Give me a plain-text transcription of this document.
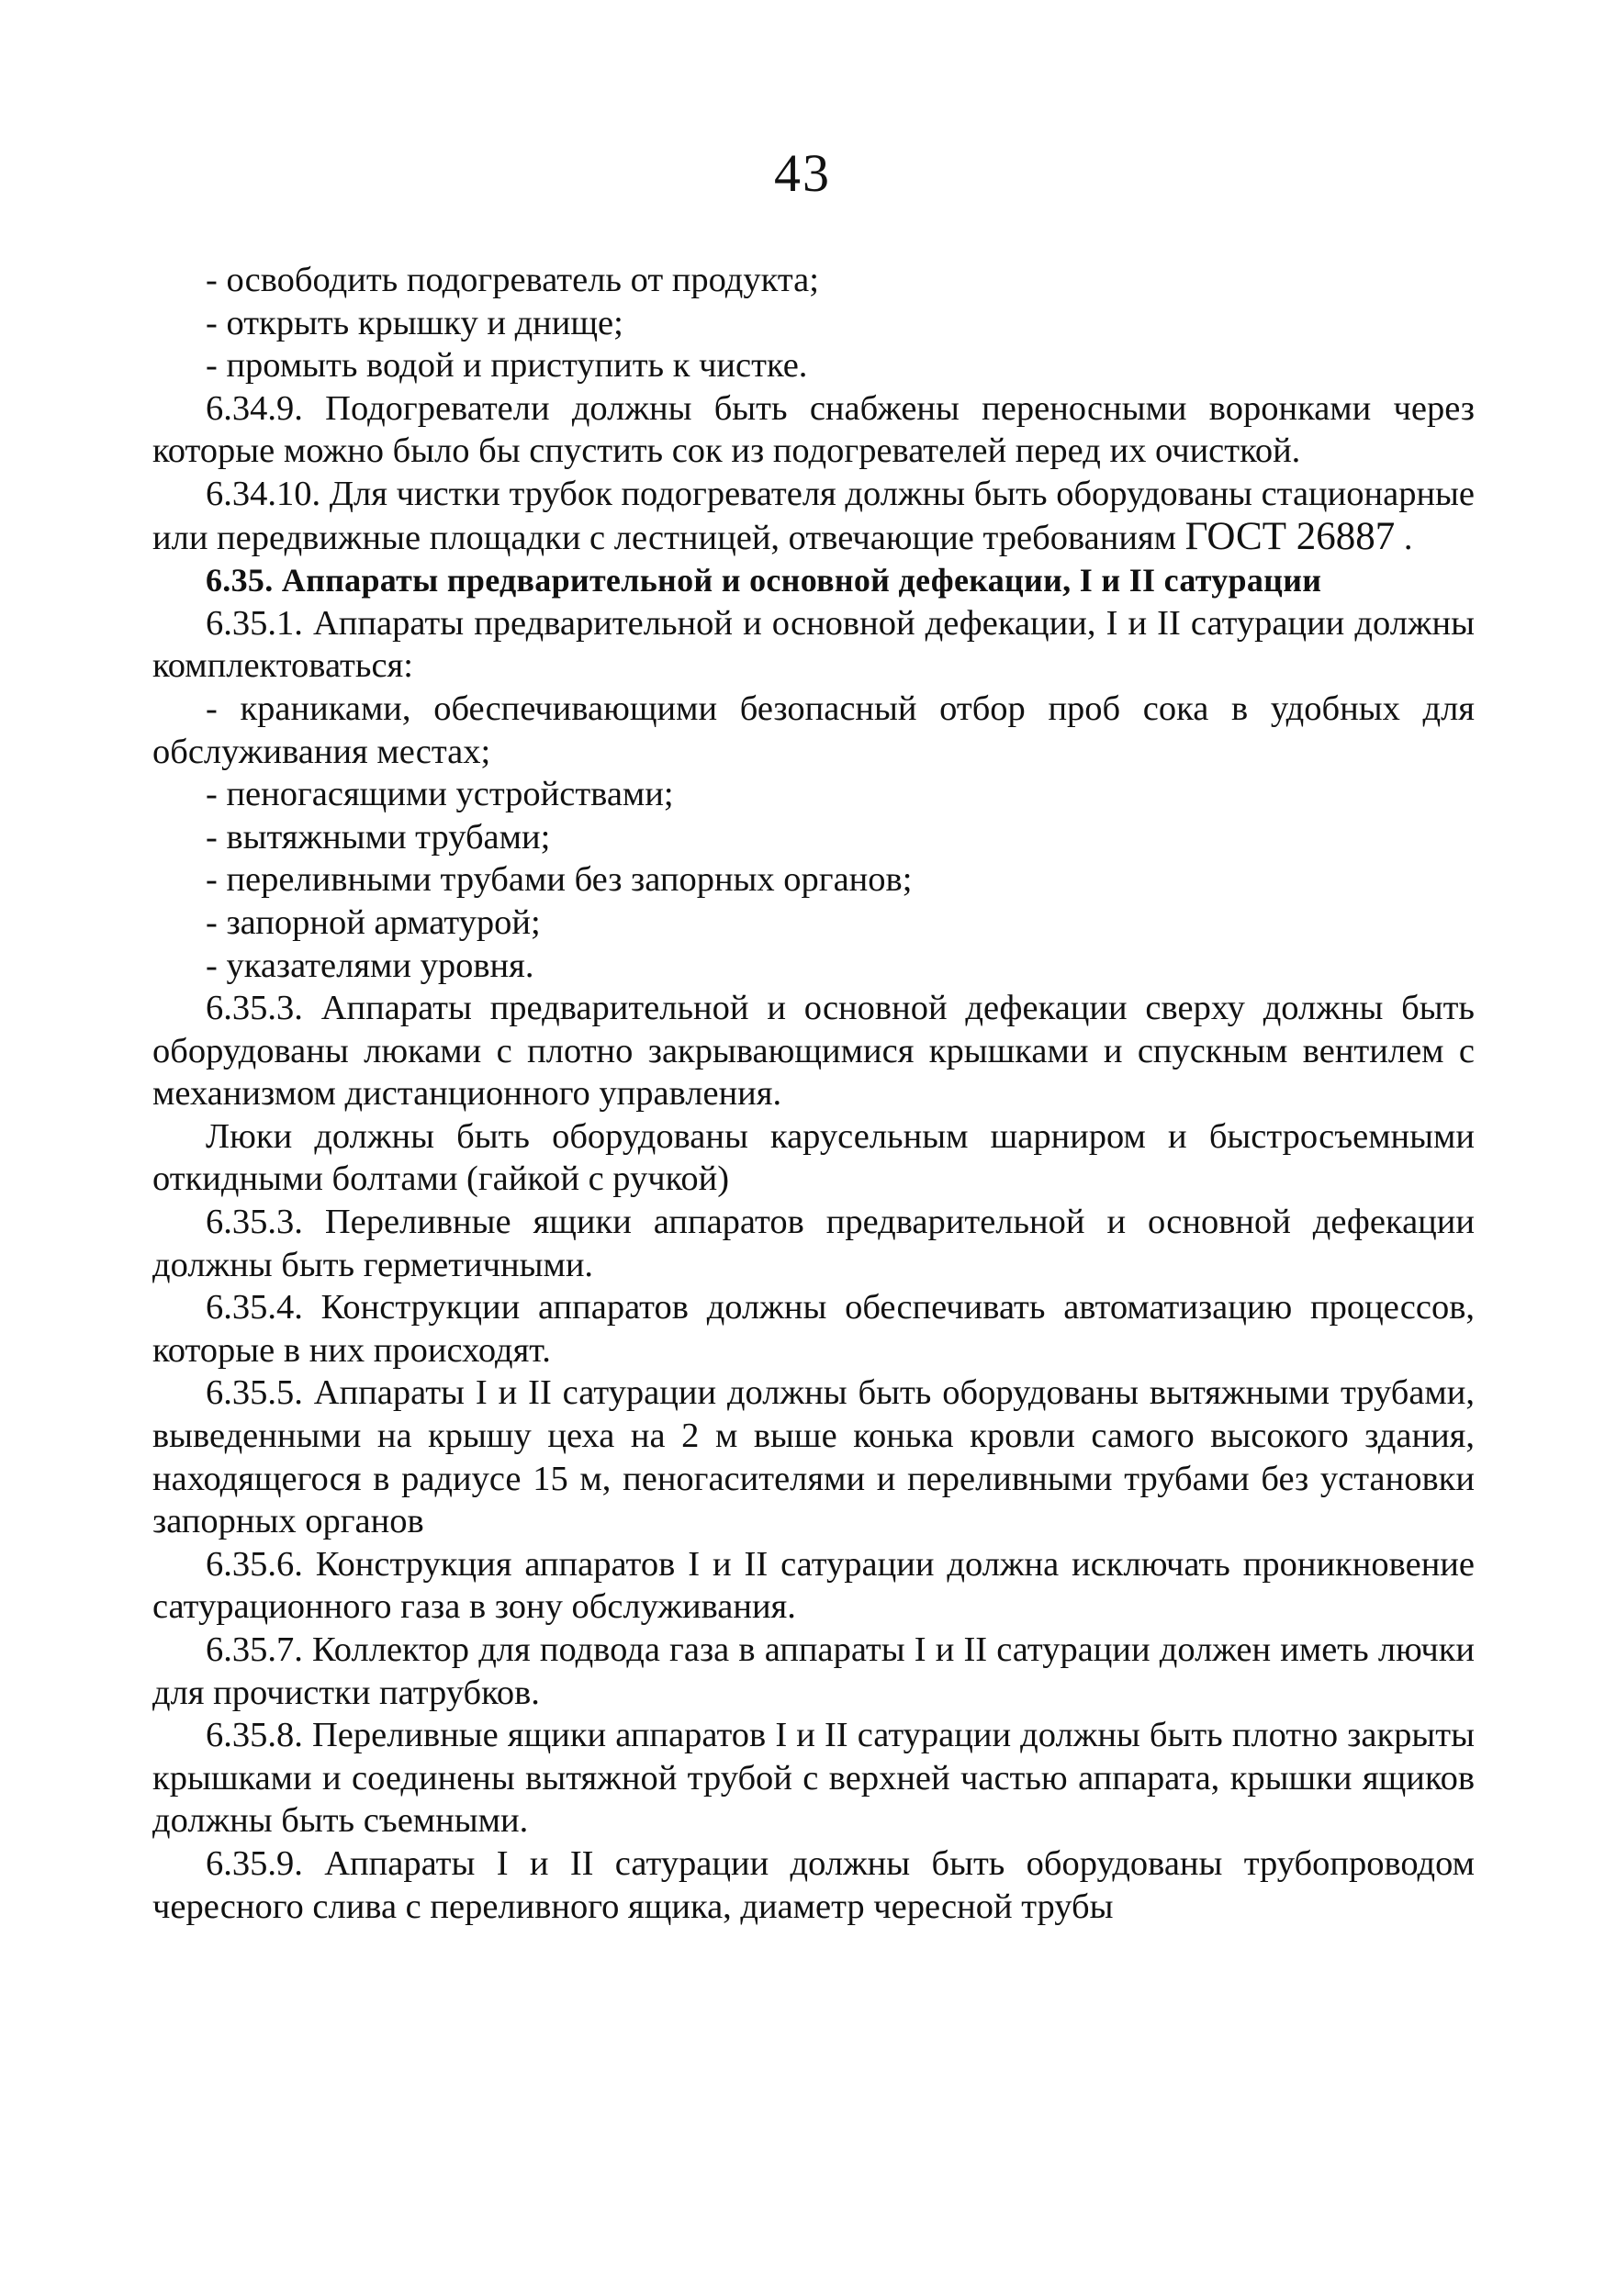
43

- освободить подогреватель от продукта;

- открыть крышку и днище;

- промыть водой и приступить к чистке.

6.34.9. Подогреватели должны быть снабжены переносными воронками через которые можно было бы спустить сок из подогревателей перед их очисткой.

6.34.10. Для чистки трубок подогревателя должны быть оборудованы стационарные или передвижные площадки с лестницей, отвечающие требованиям ГОСТ 26887 .

6.35. Аппараты предварительной и основной дефекации, I и II сатурации

6.35.1. Аппараты предварительной и основной дефекации, I и II сатурации должны комплектоваться:

- краниками, обеспечивающими безопасный отбор проб сока в удобных для обслуживания местах;

- пеногасящими устройствами;

- вытяжными трубами;

- переливными трубами без запорных органов;

- запорной арматурой;

- указателями уровня.

6.35.3. Аппараты предварительной и основной дефекации сверху должны быть оборудованы люками с плотно закрывающимися крышками и спускным вентилем с механизмом дистанционного управления.

Люки должны быть оборудованы карусельным шарниром и быстросъемными откидными болтами (гайкой с ручкой)

6.35.3. Переливные ящики аппаратов предварительной и основной дефекации должны быть герметичными.

6.35.4. Конструкции аппаратов должны обеспечивать автоматизацию процессов, которые в них происходят.

6.35.5. Аппараты I и II сатурации должны быть оборудованы вытяжными трубами, выведенными на крышу цеха на 2 м выше конька кровли самого высокого здания, находящегося в радиусе 15 м, пеногасителями и переливными трубами без установки запорных органов

6.35.6. Конструкция аппаратов I и II сатурации должна исключать проникновение сатурационного газа в зону обслуживания.

6.35.7. Коллектор для подвода газа в аппараты I и II сатурации должен иметь лючки для прочистки патрубков.

6.35.8. Переливные ящики аппаратов I и II сатурации должны быть плотно закрыты крышками и соединены вытяжной трубой с верхней частью аппарата, крышки ящиков должны быть съемными.

6.35.9. Аппараты I и II сатурации должны быть оборудованы трубопроводом чересного слива с переливного ящика, диаметр чересной трубы
